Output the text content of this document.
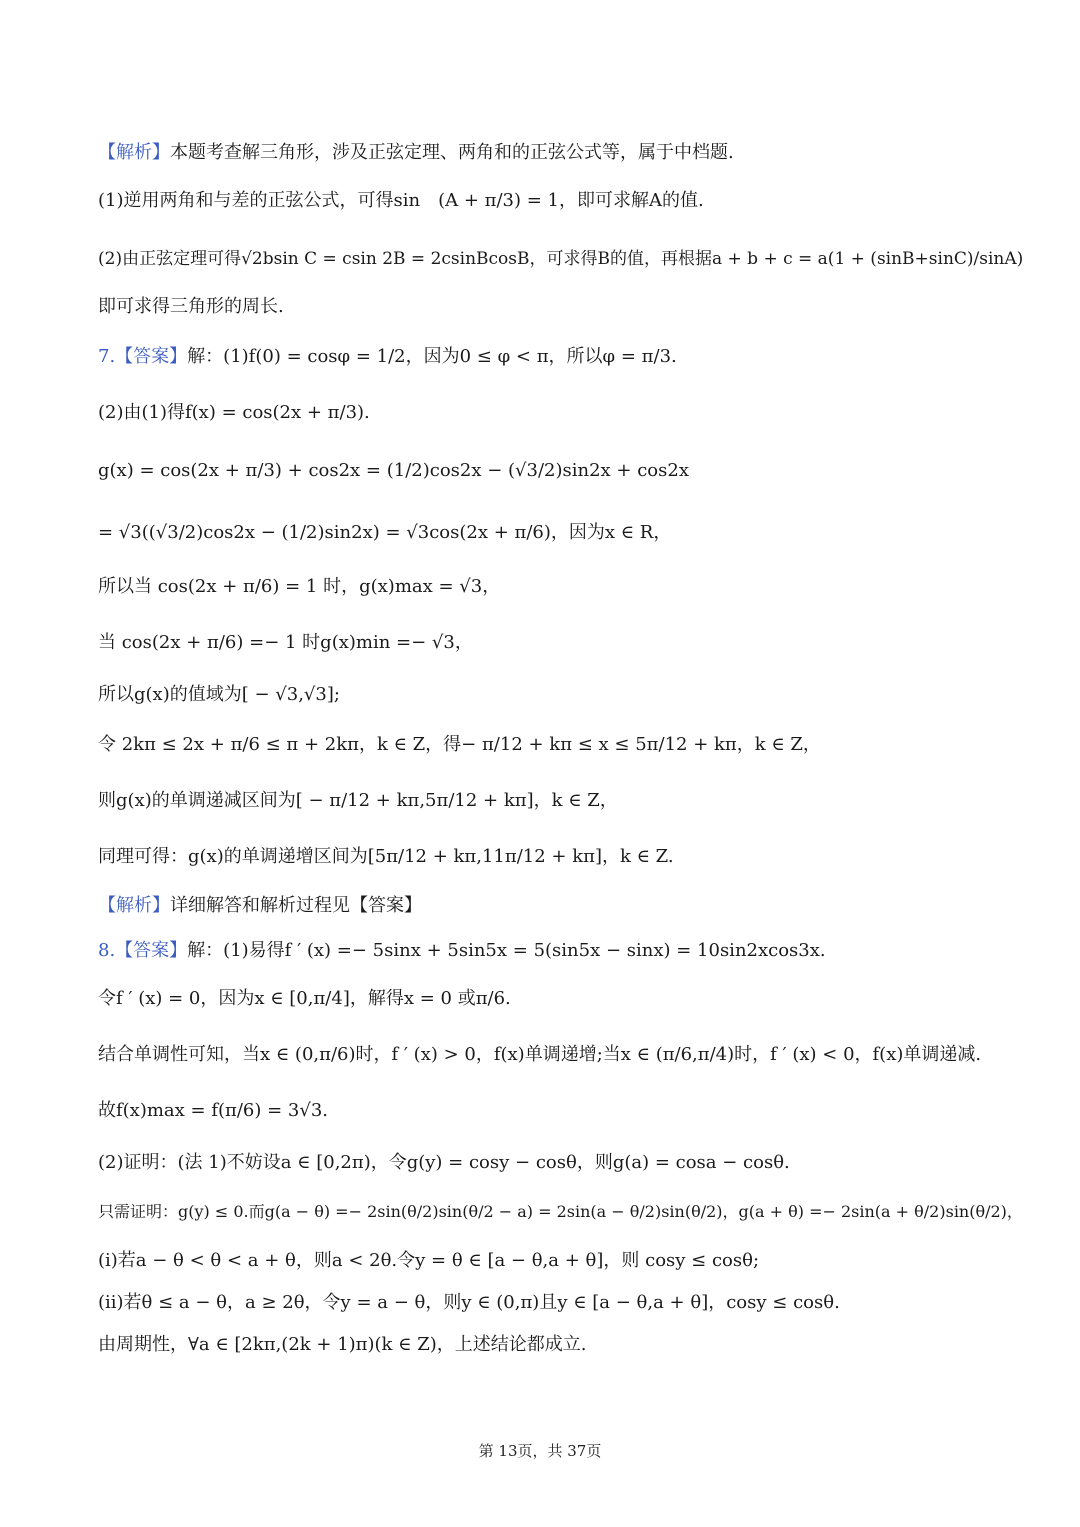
【解析】本题考查解三角形，涉及正弦定理、两角和的正弦公式等，属于中档题.
(1)逆用两角和与差的正弦公式，可得sin　(A + π/3) = 1，即可求解A的值.
(2)由正弦定理可得√2bsin C = csin 2B = 2csinBcosB，可求得B的值，再根据a + b + c = a(1 + (sinB+sinC)/sinA)
即可求得三角形的周长.
7.【答案】解：(1)f(0) = cosφ = 1/2，因为0 ≤ φ < π，所以φ = π/3.
(2)由(1)得f(x) = cos(2x + π/3).
g(x) = cos(2x + π/3) + cos2x = (1/2)cos2x − (√3/2)sin2x + cos2x
= √3((√3/2)cos2x − (1/2)sin2x) = √3cos(2x + π/6)，因为x ∈ R，
所以当 cos(2x + π/6) = 1 时，g(x)max = √3，
当 cos(2x + π/6) =− 1 时g(x)min =− √3，
所以g(x)的值域为[ − √3,√3];
令 2kπ ≤ 2x + π/6 ≤ π + 2kπ，k ∈ Z，得− π/12 + kπ ≤ x ≤ 5π/12 + kπ，k ∈ Z，
则g(x)的单调递减区间为[ − π/12 + kπ,5π/12 + kπ]，k ∈ Z，
同理可得：g(x)的单调递增区间为[5π/12 + kπ,11π/12 + kπ]，k ∈ Z.
【解析】详细解答和解析过程见【答案】
8.【答案】解：(1)易得f ′ (x) =− 5sinx + 5sin5x = 5(sin5x − sinx) = 10sin2xcos3x.
令f ′ (x) = 0，因为x ∈ [0,π/4]，解得x = 0 或π/6.
结合单调性可知，当x ∈ (0,π/6)时，f ′ (x) > 0，f(x)单调递增;当x ∈ (π/6,π/4)时，f ′ (x) < 0，f(x)单调递减.
故f(x)max = f(π/6) = 3√3.
(2)证明：(法 1)不妨设a ∈ [0,2π)，令g(y) = cosy − cosθ，则g(a) = cosa − cosθ.
只需证明：g(y) ≤ 0.而g(a − θ) =− 2sin(θ/2)sin(θ/2 − a) = 2sin(a − θ/2)sin(θ/2)，g(a + θ) =− 2sin(a + θ/2)sin(θ/2)，
(i)若a − θ < θ < a + θ，则a < 2θ.令y = θ ∈ [a − θ,a + θ]，则 cosy ≤ cosθ;
(ii)若θ ≤ a − θ，a ≥ 2θ，令y = a − θ，则y ∈ (0,π)且y ∈ [a − θ,a + θ]，cosy ≤ cosθ.
由周期性，∀a ∈ [2kπ,(2k + 1)π)(k ∈ Z)，上述结论都成立.
第 13页，共 37页
